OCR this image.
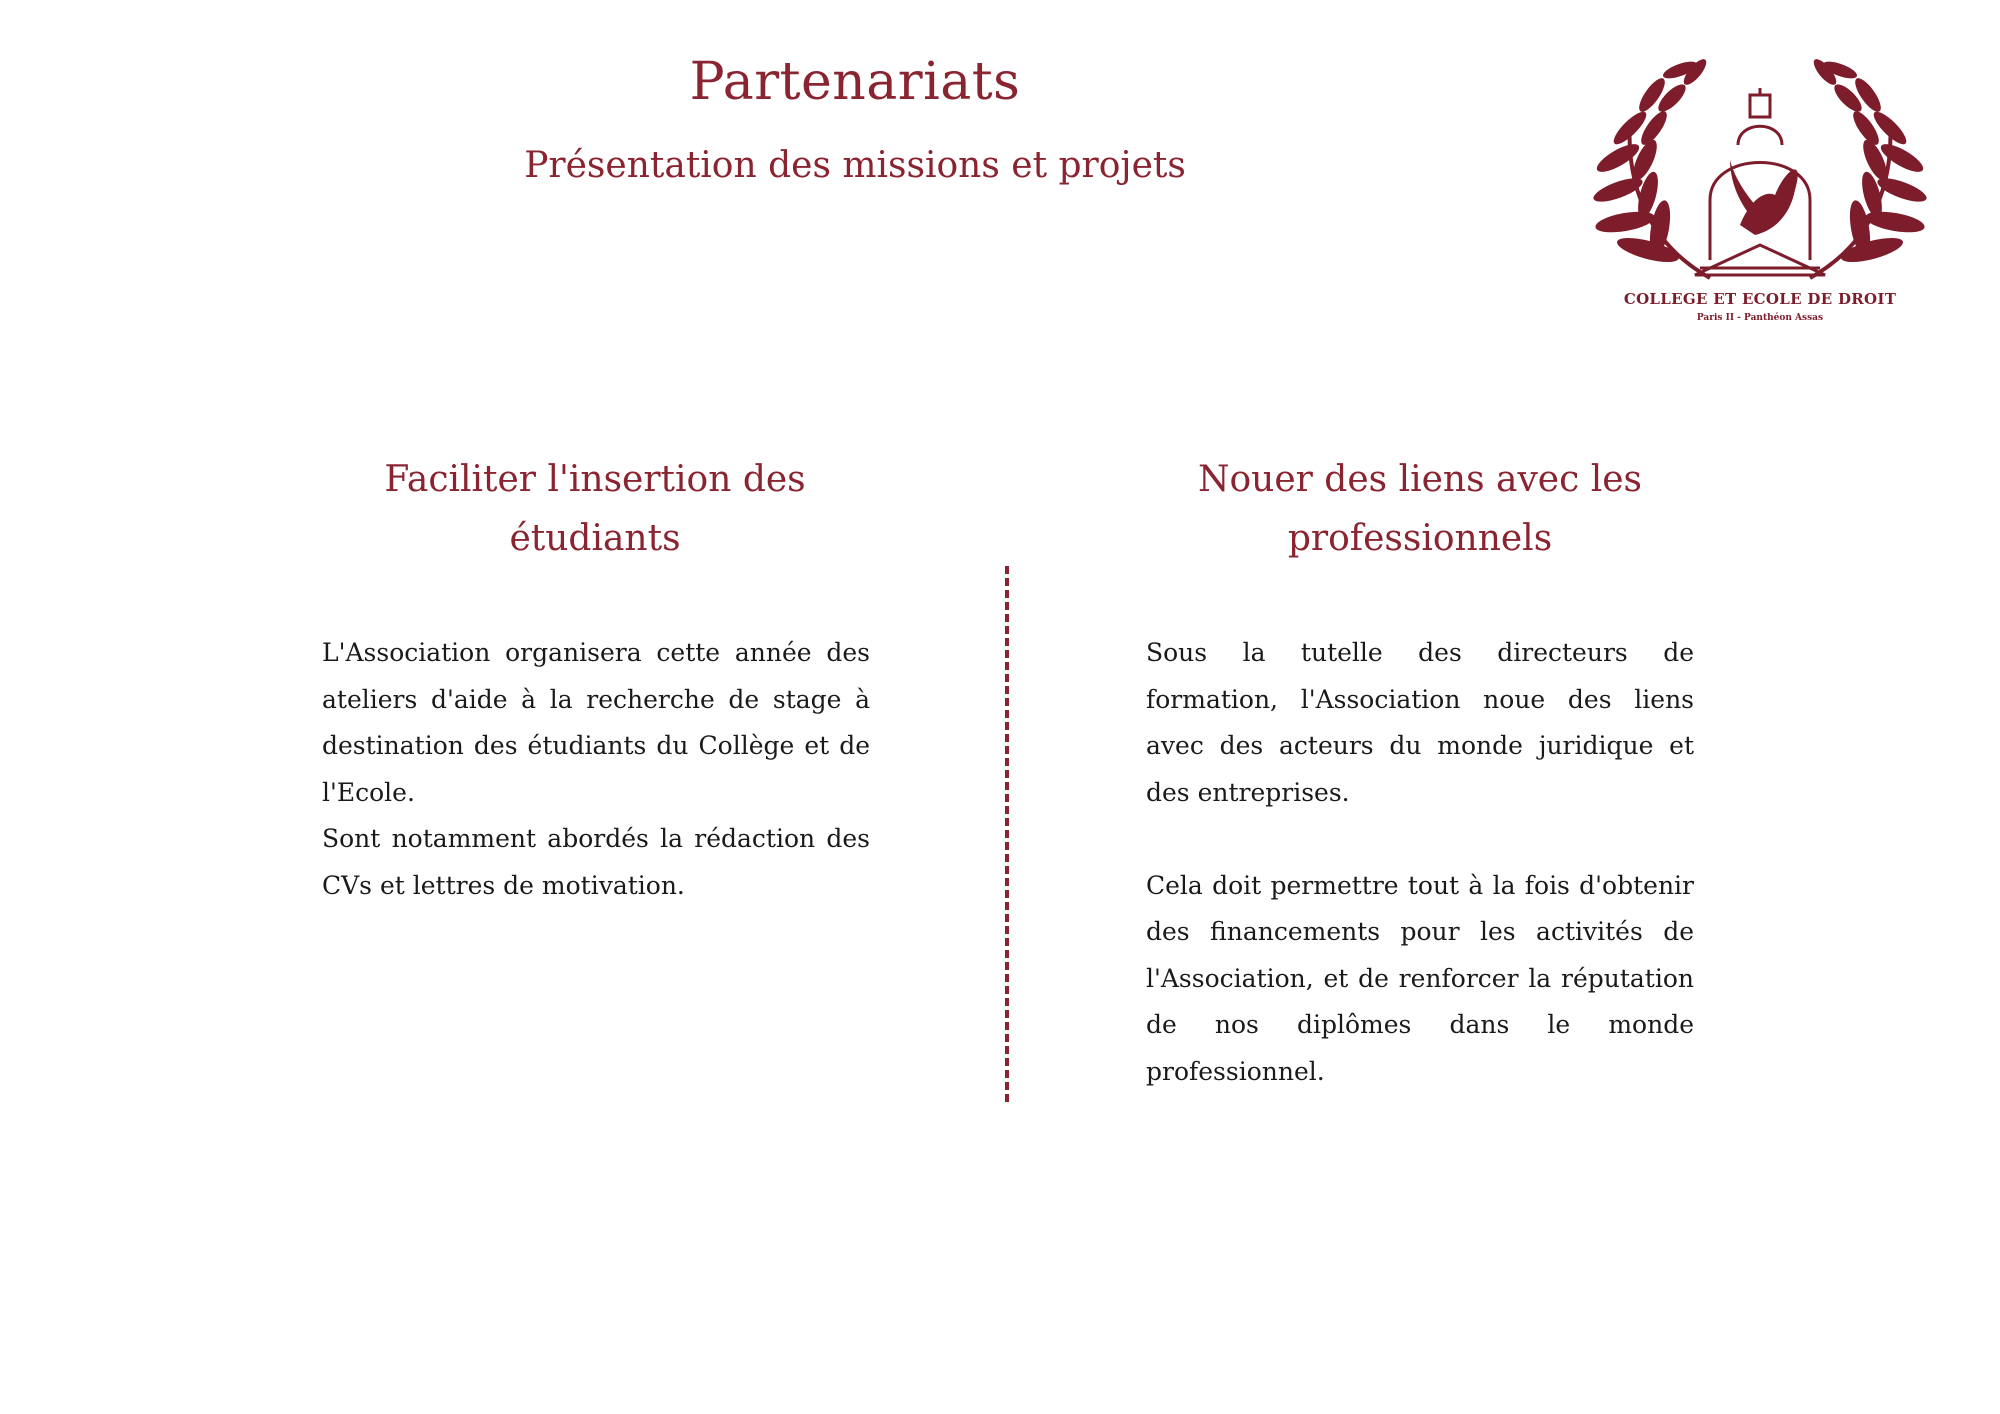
Partenariats
Présentation des missions et projets
COLLEGE ET ECOLE DE DROIT
Paris II - Panthéon Assas
Faciliter l'insertion des
étudiants

L'Association organisera cette année des ateliers d'aide à la recherche de stage à destination des étudiants du Collège et de l'Ecole.

Sont notamment abordés la rédaction des CVs et lettres de motivation.

Nouer des liens avec les
professionnels

Sous la tutelle des directeurs de formation, l'Association noue des liens avec des acteurs du monde juridique et des entreprises.

Cela doit permettre tout à la fois d'obtenir des financements pour les activités de l'Association, et de renforcer la réputation de nos diplômes dans le monde professionnel.
